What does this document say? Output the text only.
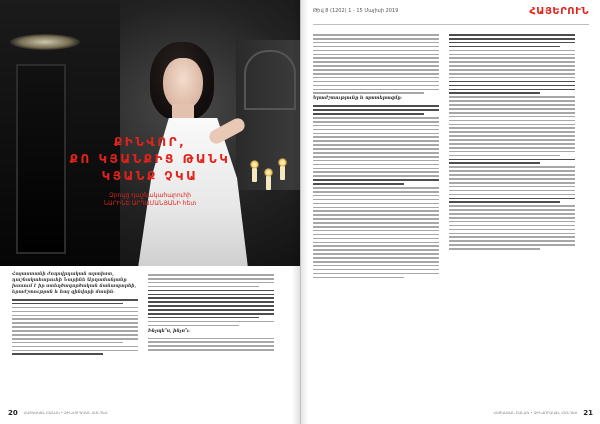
ՔԻՆՎՈՐ,
ՔՈ ԿՅԱՆՔԻՑ ԹԱՆԿ
ԿՅԱՆՔ ՉԿԱ
Զրույց դաշնակահարուհի
ՆԱՐԻՆԵ ԱՐՂԱՄԱՆՅԱՆԻ հետ
Հայաստանի ժողովրդական արտիստ, դաշնակահարուհի Նարինե Արղամանյանը խոսում է իր ստեղծագործական ճանապարհի, երաժշտության և հայ զինվորի մասին։
Ինչպե՞ս, ինչո՞ւ։
20	ՀԱՅԿԱԿԱՆ ԲԱՆԱԿ • ԶԻՆՎՈՐԱԿԱՆ ՀԱՆԴԵՍ
Թիվ 8 (1202) 1 - 15 Մայիսի 2019	ՀԱՅԵՐՈՒՆ
Երաժշտությունը և պատերազմը։
ՀԱՅԿԱԿԱՆ ԲԱՆԱԿ • ԶԻՆՎՈՐԱԿԱՆ ՀԱՆԴԵՍ 21
